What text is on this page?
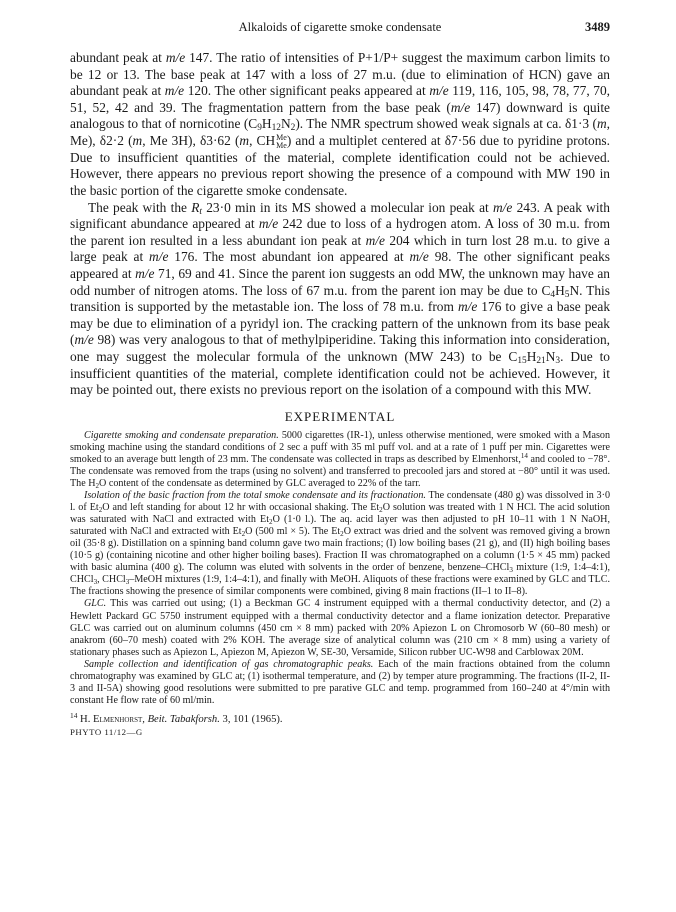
Alkaloids of cigarette smoke condensate	3489

abundant peak at m/e 147. The ratio of intensities of P+1/P+ suggest the maximum carbon limits to be 12 or 13. The base peak at 147 with a loss of 27 m.u. (due to elimination of HCN) gave an abundant peak at m/e 120. The other significant peaks appeared at m/e 119, 116, 105, 98, 78, 77, 70, 51, 52, 42 and 39. The fragmentation pattern from the base peak (m/e 147) downward is quite analogous to that of nornicotine $(C_9H_{12}N_2)$. The NMR spectrum showed weak signals at ca. δ1·3 (m, Me), δ2·2 (m, Me 3H), δ3·62 (m, CH Me
Me ) and a multiplet centered at δ7·56 due to pyridine protons. Due to insufficient quantities of the material, complete identification could not be achieved. However, there appears no previous report showing the presence of a compound with MW 190 in the basic portion of the cigarette smoke condensate.

The peak with the $R_t$ 23·0 min in its MS showed a molecular ion peak at m/e 243. A peak with significant abundance appeared at m/e 242 due to loss of a hydrogen atom. A loss of 30 m.u. from the parent ion resulted in a less abundant ion peak at m/e 204 which in turn lost 28 m.u. to give a large peak at m/e 176. The most abundant ion appeared at m/e 98. The other significant peaks appeared at m/e 71, 69 and 41. Since the parent ion suggests an odd MW, the unknown may have an odd number of nitrogen atoms. The loss of 67 m.u. from the parent ion may be due to $C_4H_5N$. This transition is supported by the metastable ion. The loss of 78 m.u. from m/e 176 to give a base peak may be due to elimination of a pyridyl ion. The cracking pattern of the unknown from its base peak (m/e 98) was very analogous to that of methylpiperidine. Taking this information into consideration, one may suggest the molecular formula of the unknown (MW 243) to be $C_{15}H_{21}N_3$. Due to insufficient quantities of the material, complete identification could not be achieved. However, it may be pointed out, there exists no previous report on the isolation of a compound with this MW.

EXPERIMENTAL

Cigarette smoking and condensate preparation. 5000 cigarettes (IR-1), unless otherwise mentioned, were smoked with a Mason smoking machine using the standard conditions of 2 sec a puff with 35 ml puff vol. and at a rate of 1 puff per min. Cigarettes were smoked to an average butt length of 23 mm. The condensate was collected in traps as described by Elmenhorst,$^{14}$ and cooled to −78°. The condensate was removed from the traps (using no solvent) and transferred to precooled jars and stored at −80° until it was used. The $H_2O$ content of the condensate as determined by GLC averaged to 22% of the tarr.

Isolation of the basic fraction from the total smoke condensate and its fractionation. The condensate (480 g) was dissolved in 3·0 l. of $Et_2O$ and left standing for about 12 hr with occasional shaking. The $Et_2O$ solution was treated with 1 N HCl. The acid solution was saturated with NaCl and extracted with $Et_2O$ (1·0 l.). The aq. acid layer was then adjusted to pH 10–11 with 1 N NaOH, saturated with NaCl and extracted with $Et_2O$ (500 ml × 5). The $Et_2O$ extract was dried and the solvent was removed giving a brown oil (35·8 g). Distillation on a spinning band column gave two main fractions; (I) low boiling bases (21 g), and (II) high boiling bases (10·5 g) (containing nicotine and other higher boiling bases). Fraction II was chromatographed on a column (1·5 × 45 mm) packed with basic alumina (400 g). The column was eluted with solvents in the order of benzene, benzene–CHCl$_3$ mixture (1:9, 1:4–4:1), CHCl$_3$, CHCl$_3$–MeOH mixtures (1:9, 1:4–4:1), and finally with MeOH. Aliquots of these fractions were examined by GLC and TLC. The fractions showing the presence of similar components were combined, giving 8 main fractions (II–1 to II–8).

GLC. This was carried out using; (1) a Beckman GC 4 instrument equipped with a thermal conductivity detector, and (2) a Hewlett Packard GC 5750 instrument equipped with a thermal conductivity detector and a flame ionization detector. Preparative GLC was carried out on aluminum columns (450 cm × 8 mm) packed with 20% Apiezon L on Chromosorb W (60–80 mesh) or anakrom (60–70 mesh) coated with 2% KOH. The average size of analytical column was (210 cm × 8 mm) using a variety of stationary phases such as Apiezon L, Apiezon M, Apiezon W, SE-30, Versamide, Silicon rubber UC-W98 and Carblowax 20M.

Sample collection and identification of gas chromatographic peaks. Each of the main fractions obtained from the column chromatography was examined by GLC at; (1) isothermal temperature, and (2) by temper ature programming. The fractions (II-2, II-3 and II-5A) showing good resolutions were submitted to pre parative GLC and temp. programmed from 160–240 at 4°/min with constant He flow rate of 60 ml/min.

$^{14}$ H. Elmenhorst, Beit. Tabakforsh. 3, 101 (1965).
PHYTO 11/12—G
